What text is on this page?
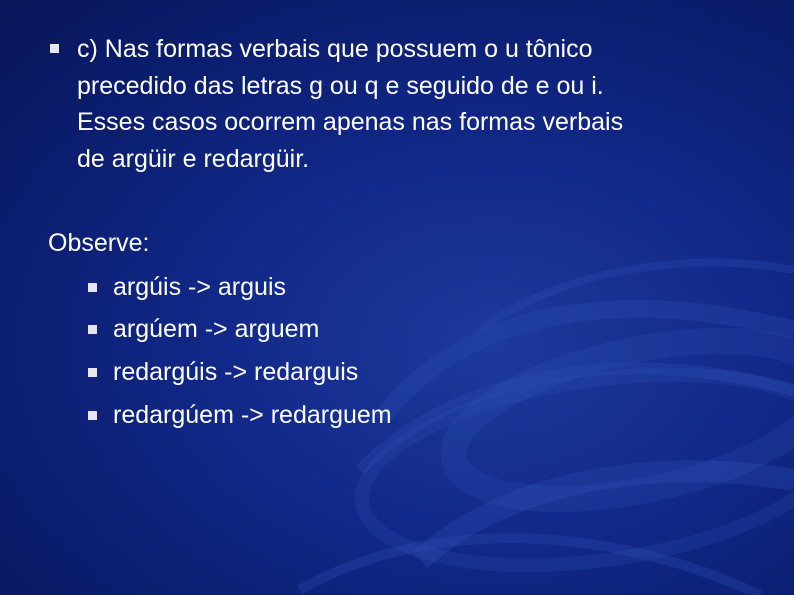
c) Nas formas verbais que possuem o u tônico
precedido das letras g ou q e seguido de e ou i.
Esses casos ocorrem apenas nas formas verbais
de argüir e redargüir.
Observe:
argúis -> arguis
argúem -> arguem
redargúis -> redarguis
redargúem -> redarguem
